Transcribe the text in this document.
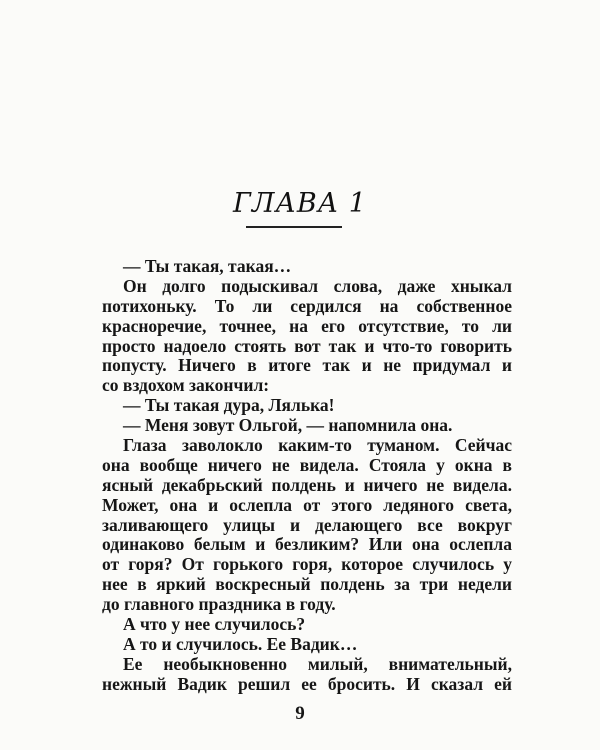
ГЛАВА 1
— Ты такая, такая…
Он долго подыскивал слова, даже хныкал
потихоньку. То ли сердился на собственное
красноречие, точнее, на его отсутствие, то ли
просто надоело стоять вот так и что-то говорить
попусту. Ничего в итоге так и не придумал и
со вздохом закончил:
— Ты такая дура, Лялька!
— Меня зовут Ольгой, — напомнила она.
Глаза заволокло каким-то туманом. Сейчас
она вообще ничего не видела. Стояла у окна в
ясный декабрьский полдень и ничего не видела.
Может, она и ослепла от этого ледяного света,
заливающего улицы и делающего все вокруг
одинаково белым и безликим? Или она ослепла
от горя? От горького горя, которое случилось у
нее в яркий воскресный полдень за три недели
до главного праздника в году.
А что у нее случилось?
А то и случилось. Ее Вадик…
Ее необыкновенно милый, внимательный,
нежный Вадик решил ее бросить. И сказал ей
9
